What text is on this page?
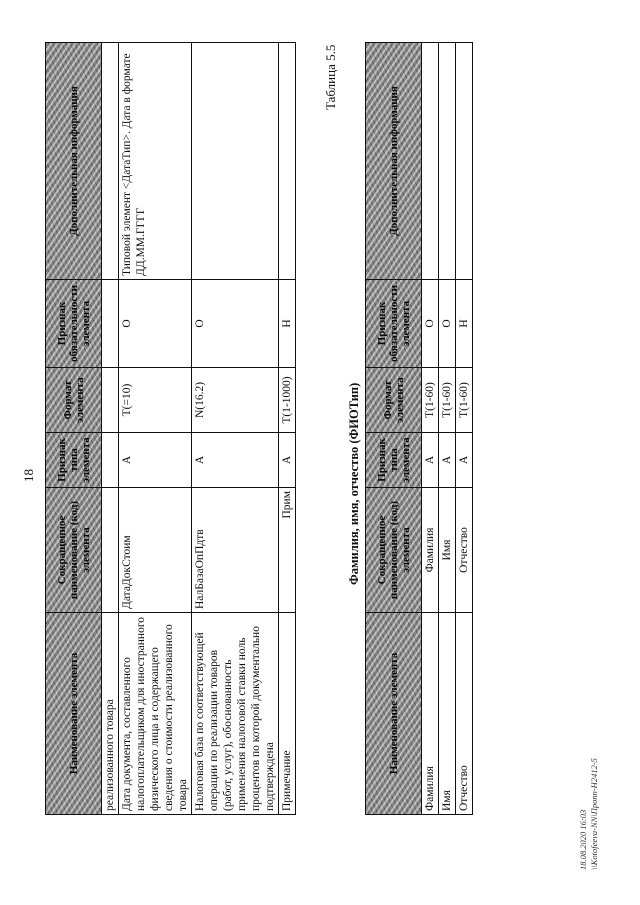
18
Наименование элемента	Сокращенное наименование (код) элемента	Признак типа элемента	Формат элемента	Признак обязательности элемента	Дополнительная информация
реализованного товара					
Дата документа, составленного налогоплательщиком для иностранного физического лица и содержащего сведения о стоимости реализованного товара	ДатаДокСтоим	А	T(=10)	О	Типовой элемент <ДатаТип>. Дата в формате ДД.ММ.ГГГГ
Налоговая база по соответствующей операции по реализации товаров (работ, услуг), обоснованность применения налоговой ставки ноль процентов по которой документально подтверждена	НалБазаОпПдтв	А	N(16.2)	О	
Примечание	Прим	А	T(1-1000)	Н	
Таблица 5.5
Фамилия, имя, отчество (ФИОТип)
Наименование элемента	Сокращенное наименование (код) элемента	Признак типа элемента	Формат элемента	Признак обязательности элемента	Дополнительная информация
Фамилия	Фамилия	А	T(1-60)	О	
Имя	Имя	А	T(1-60)	О	
Отчество	Отчество	А	T(1-60)	Н	
18.08.2020 16:03 \\Kotofeeva-NN\Пропп-Н2412-5
